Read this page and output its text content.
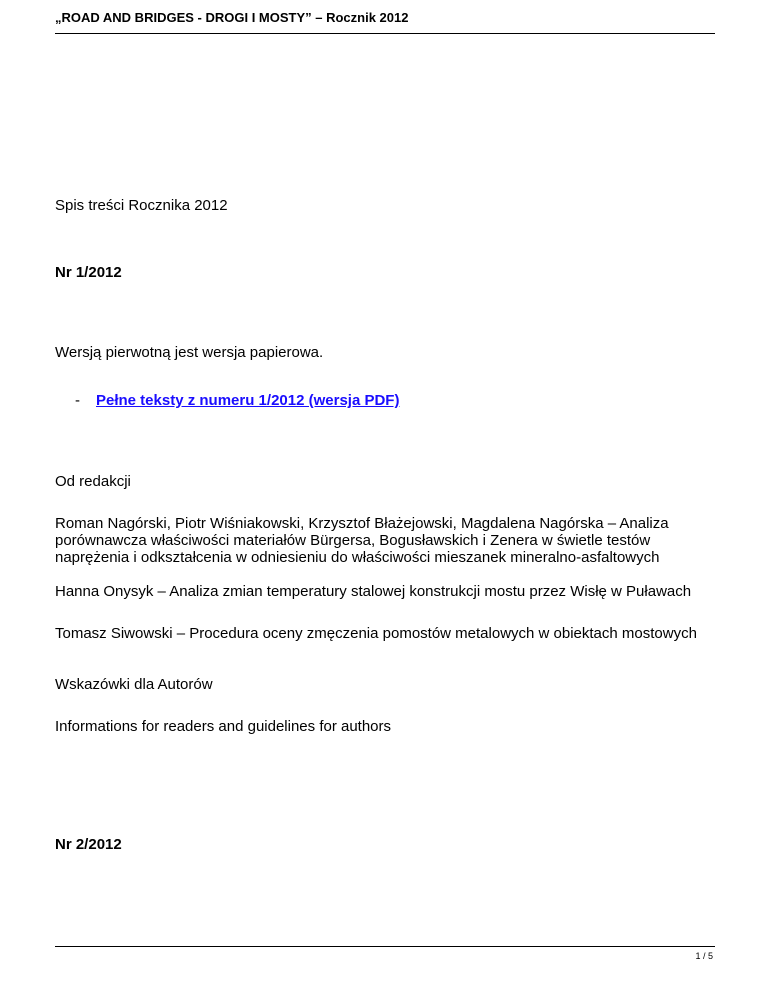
„ROAD AND BRIDGES - DROGI I MOSTY” – Rocznik 2012
Spis treści Rocznika 2012
Nr 1/2012
Wersją pierwotną jest wersja papierowa.
- Pełne teksty z numeru 1/2012 (wersja PDF)
Od redakcji
Roman Nagórski, Piotr Wiśniakowski, Krzysztof Błażejowski, Magdalena Nagórska – Analiza porównawcza właściwości materiałów Bürgersa, Bogusławskich i Zenera w świetle testów naprężenia i odkształcenia w odniesieniu do właściwości mieszanek mineralno-asfaltowych
Hanna Onysyk – Analiza zmian temperatury stalowej konstrukcji mostu przez Wisłę w Puławach
Tomasz Siwowski – Procedura oceny zmęczenia pomostów metalowych w obiektach mostowych
Wskazówki dla Autorów
Informations for readers and guidelines for authors
Nr 2/2012
1 / 5
